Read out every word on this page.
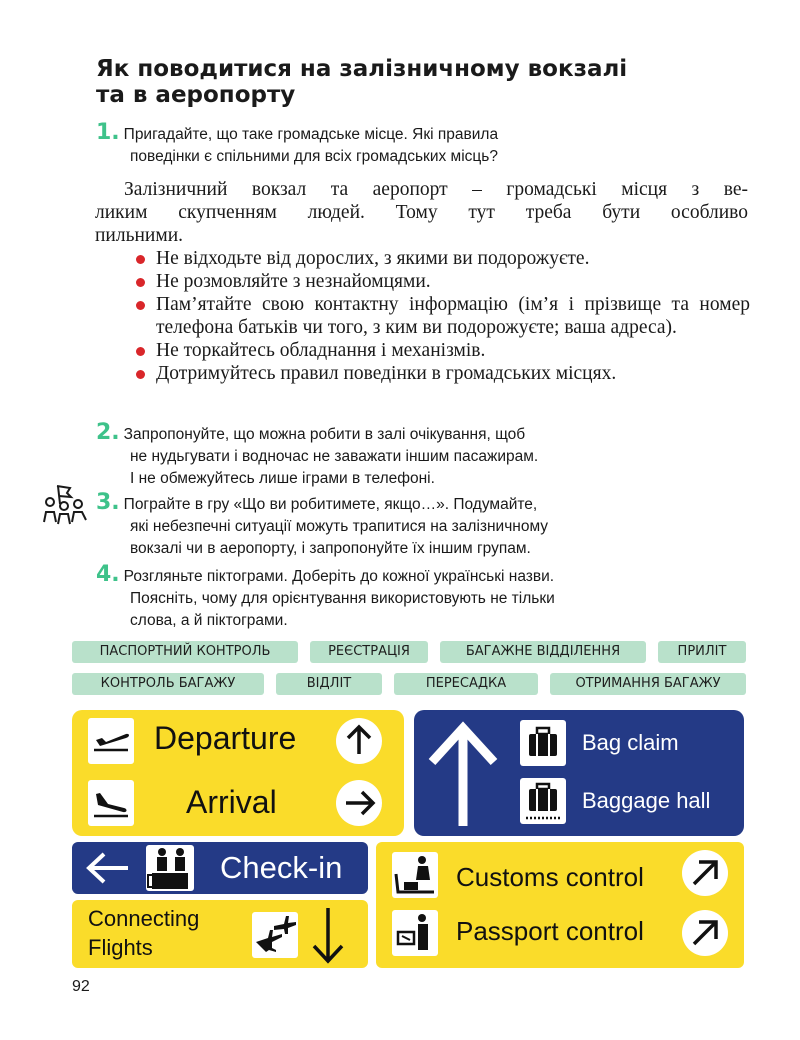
Як поводитися на залізничному вокзалі
та в аеропорту
1. Пригадайте, що таке громадське місце. Які правила
поведінки є спільними для всіх громадських місць?
Залізничний вокзал та аеропорт – громадські місця з ве-
ликим скупченням людей. Тому тут треба бути особливо
пильними.
Не відходьте від дорослих, з якими ви подорожуєте.
Не розмовляйте з незнайомцями.
Пам’ятайте свою контактну інформацію (ім’я і прізвище та номер телефона батьків чи того, з ким ви подорожуєте; ваша адреса).
Не торкайтесь обладнання і механізмів.
Дотримуйтесь правил поведінки в громадських місцях.
2. Запропонуйте, що можна робити в залі очікування, щоб
не нудьгувати і водночас не заважати іншим пасажирам.
І не обмежуйтесь лише іграми в телефоні.
3. Пограйте в гру «Що ви робитимете, якщо…». Подумайте,
які небезпечні ситуації можуть трапитися на залізничному
вокзалі чи в аеропорту, і запропонуйте їх іншим групам.
4. Розгляньте піктограми. Доберіть до кожної українські назви.
Поясніть, чому для орієнтування використовують не тільки
слова, а й піктограми.
ПАСПОРТНИЙ КОНТРОЛЬ	РЕЄСТРАЦІЯ	БАГАЖНЕ ВІДДІЛЕННЯ	ПРИЛІТ
КОНТРОЛЬ БАГАЖУ	ВІДЛІТ	ПЕРЕСАДКА	ОТРИМАННЯ БАГАЖУ
Departure
Arrival
Bag claim
Baggage hall
Check-in
Connecting
Flights
Customs control
Passport control
92
